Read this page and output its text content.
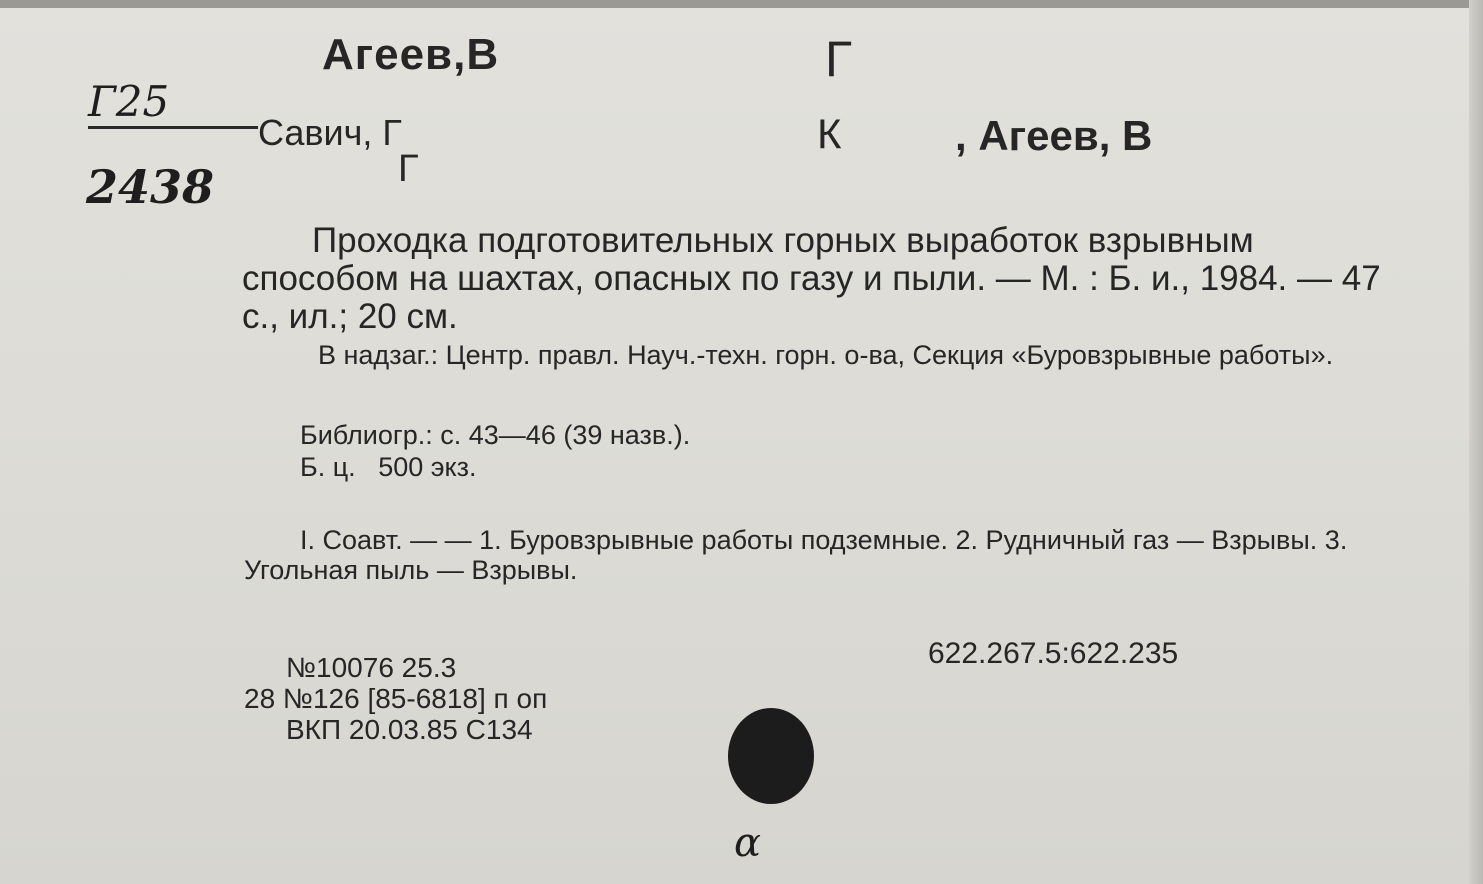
Агеев,В	Г
Г25
2438
Савич, Г	К	, Агеев, В
Г
Проходка подготовительных горных выработок взрывным способом на шахтах, опасных по газу и пыли. — М. : Б. и., 1984. — 47 с., ил.; 20 см.
В надзаг.: Центр. правл. Науч.-техн. горн. о-ва, Секция «Буровзрывные работы».
Библиогр.: с. 43—46 (39 назв.).
Б. ц.   500 экз.
I. Соавт. — — 1. Буровзрывные работы подземные. 2. Рудничный газ — Взрывы. 3. Угольная пыль — Взрывы.
622.267.5:622.235
№10076 25.3
28 №126 [85-6818] п оп
ВКП 20.03.85 С134
α
